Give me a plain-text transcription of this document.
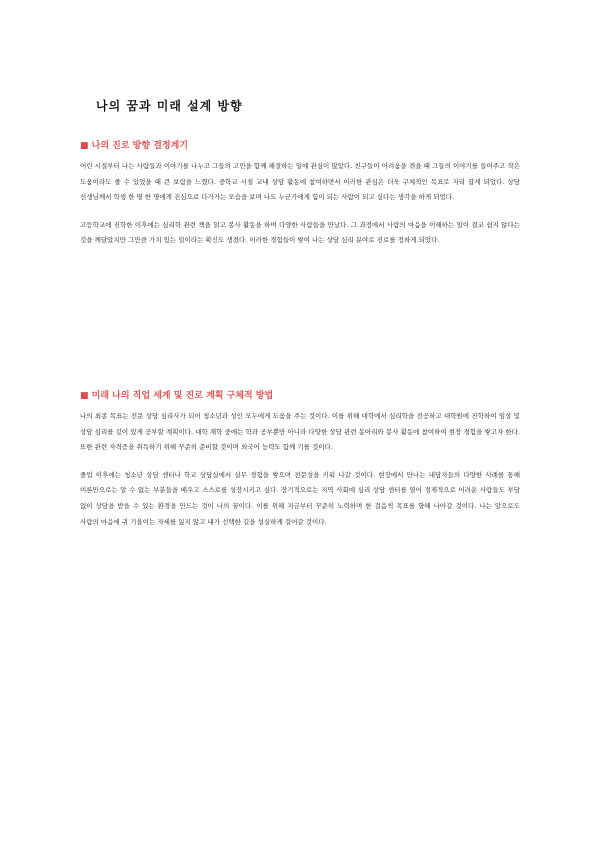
나의 꿈과 미래 설계 방향
■ 나의 진로 방향 결정계기

어린 시절부터 나는 사람들과 이야기를 나누고 그들의 고민을 함께 해결하는 일에 관심이 많았다. 친구들이 어려움을 겪을 때 그들의 이야기를 들어주고 작은 도움이라도 줄 수 있었을 때 큰 보람을 느꼈다. 중학교 시절 교내 상담 활동에 참여하면서 이러한 관심은 더욱 구체적인 목표로 자리 잡게 되었다. 상담 선생님께서 학생 한 명 한 명에게 진심으로 다가가는 모습을 보며 나도 누군가에게 힘이 되는 사람이 되고 싶다는 생각을 하게 되었다.

고등학교에 진학한 이후에는 심리학 관련 책을 읽고 봉사 활동을 하며 다양한 사람들을 만났다. 그 과정에서 사람의 마음을 이해하는 일이 결코 쉽지 않다는 것을 깨달았지만 그만큼 가치 있는 일이라는 확신도 생겼다. 이러한 경험들이 쌓여 나는 상담 심리 분야로 진로를 정하게 되었다.

■ 미래 나의 직업 세계 및 진로 계획 구체적 방법

나의 최종 목표는 전문 상담 심리사가 되어 청소년과 성인 모두에게 도움을 주는 것이다. 이를 위해 대학에서 심리학을 전공하고 대학원에 진학하여 임상 및 상담 심리를 깊이 있게 공부할 계획이다. 대학 재학 중에는 학과 공부뿐만 아니라 다양한 상담 관련 동아리와 봉사 활동에 참여하여 현장 경험을 쌓고자 한다. 또한 관련 자격증을 취득하기 위해 꾸준히 준비할 것이며 외국어 능력도 함께 기를 것이다.

졸업 이후에는 청소년 상담 센터나 학교 상담실에서 실무 경험을 쌓으며 전문성을 키워 나갈 것이다. 현장에서 만나는 내담자들의 다양한 사례를 통해 이론만으로는 알 수 없는 부분들을 배우고 스스로를 성장시키고 싶다. 장기적으로는 지역 사회에 심리 상담 센터를 열어 경제적으로 어려운 사람들도 부담 없이 상담을 받을 수 있는 환경을 만드는 것이 나의 꿈이다. 이를 위해 지금부터 꾸준히 노력하며 한 걸음씩 목표를 향해 나아갈 것이다. 나는 앞으로도 사람의 마음에 귀 기울이는 자세를 잃지 않고 내가 선택한 길을 성실하게 걸어갈 것이다.
